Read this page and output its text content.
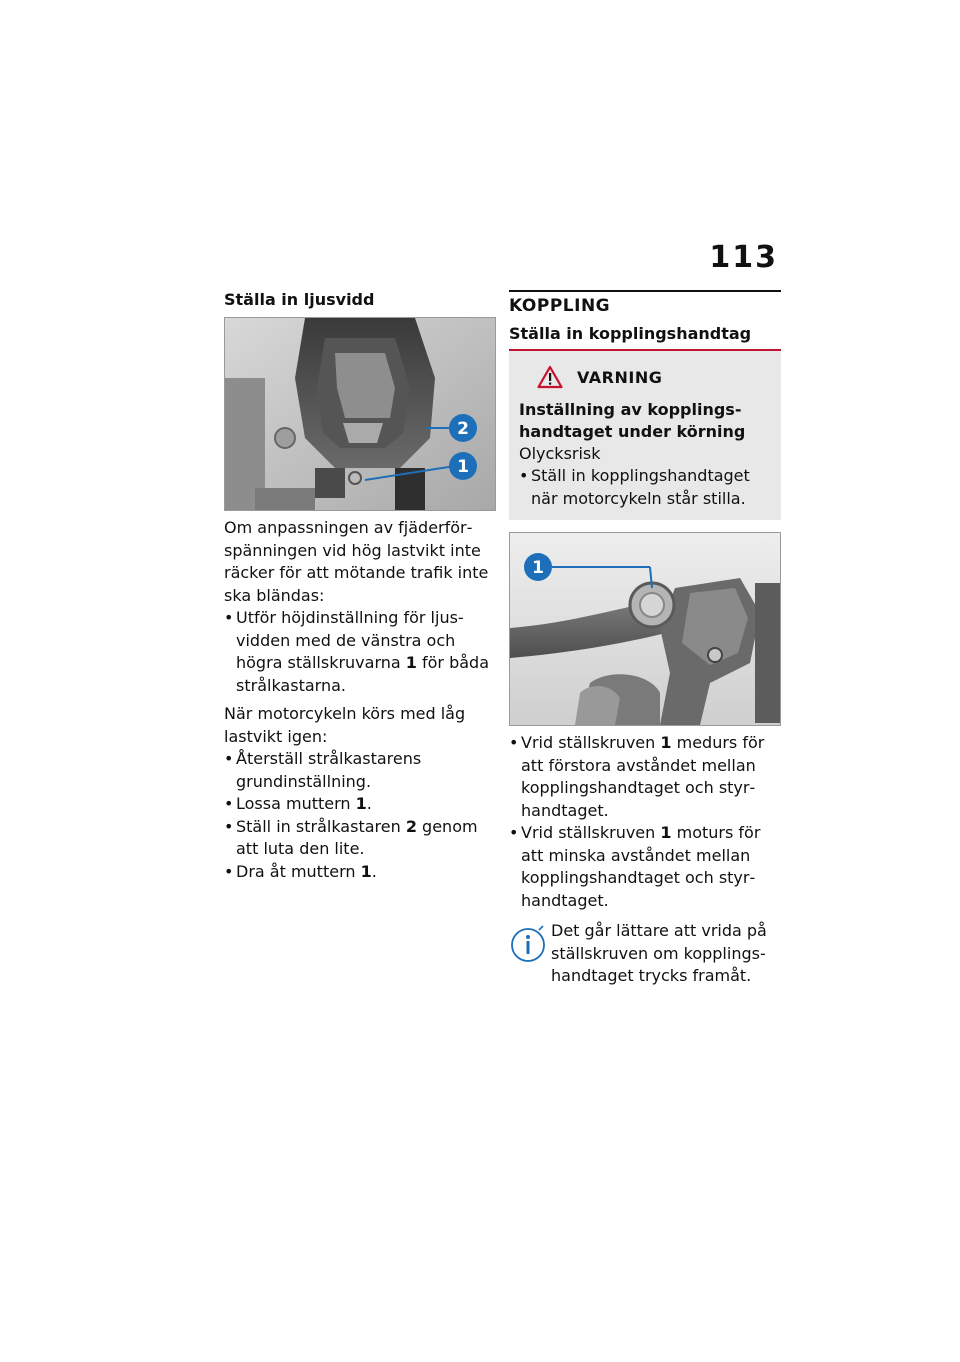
113
Ställa in ljusvidd
2
1

Om anpassningen av fjäderförspänningen vid hög lastvikt inte räcker för att mötande trafik inte ska bländas:

• Utför höjdinställning för ljusvidden med de vänstra och högra ställskruvarna 1 för båda strålkastarna.

När motorcykeln körs med låg lastvikt igen:

• Återställ strålkastarens grundinställning.
• Lossa muttern 1.
• Ställ in strålkastaren 2 genom att luta den lite.
• Dra åt muttern 1.
KOPPLING
Ställa in kopplingshandtag
VARNING
Inställning av kopplingshandtaget under körning
Olycksrisk
• Ställ in kopplingshandtaget när motorcykeln står stilla.
1
• Vrid ställskruven 1 medurs för att förstora avståndet mellan kopplingshandtaget och styrhandtaget.
• Vrid ställskruven 1 moturs för att minska avståndet mellan kopplingshandtaget och styrhandtaget.
Det går lättare att vrida på ställskruven om kopplingshandtaget trycks framåt.
